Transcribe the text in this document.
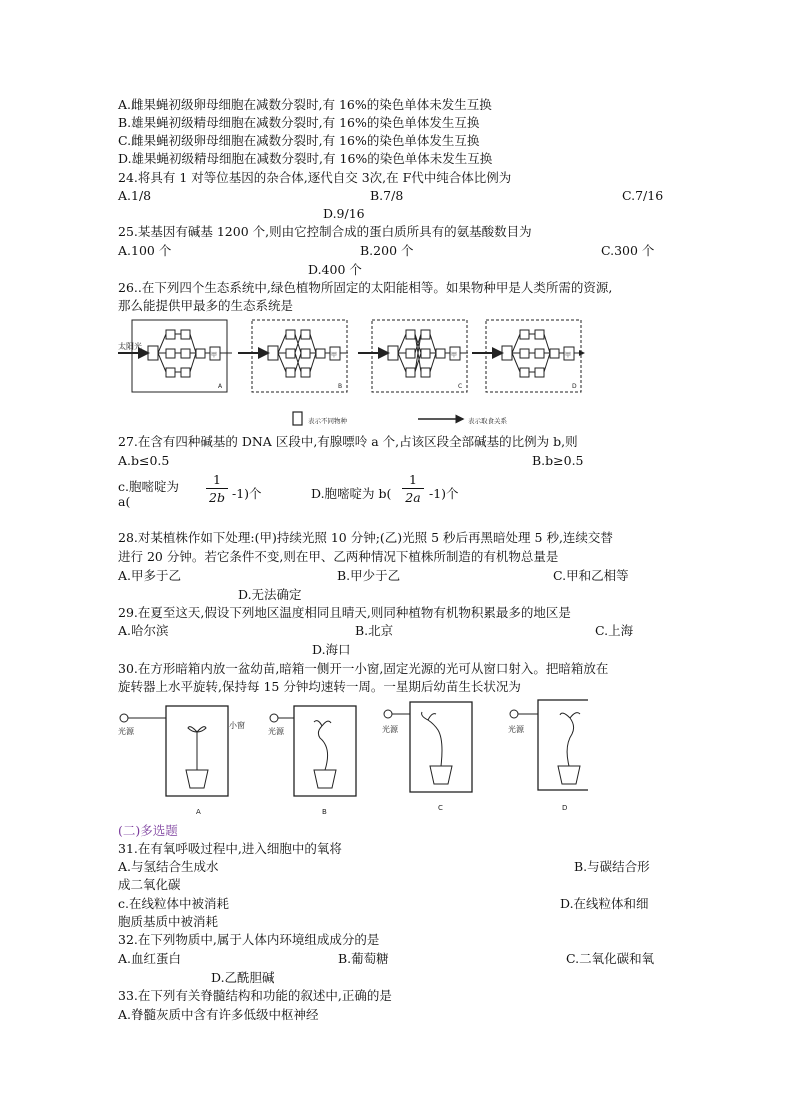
A.雌果蝇初级卵母细胞在减数分裂时,有 16%的染色单体未发生互换
B.雄果蝇初级精母细胞在减数分裂时,有 16%的染色单体发生互换
C.雌果蝇初级卵母细胞在减数分裂时,有 16%的染色单体发生互换
D.雄果蝇初级精母细胞在减数分裂时,有 16%的染色单体未发生互换
24.将具有 1 对等位基因的杂合体,逐代自交 3次,在 F代中纯合体比例为
A.1/8	B.7/8	C.7/16
D.9/16
25.某基因有碱基 1200 个,则由它控制合成的蛋白质所具有的氨基酸数目为
A.100 个	B.200 个	C.300 个
D.400 个
26..在下列四个生态系统中,绿色植物所固定的太阳能相等。如果物种甲是人类所需的资源,
那么能提供甲最多的生态系统是
太阳光
甲
A
甲
B
甲
C
甲
D
表示不同物种	表示取食关系
27.在含有四种碱基的 DNA 区段中,有腺嘌呤 a 个,占该区段全部碱基的比例为 b,则
A.b≤0.5	B.b≥0.5
c.胞嘧啶为
a(
1
2b -1)个	D.胞嘧啶为 b(
1
2a -1)个
28.对某植株作如下处理:(甲)持续光照 10 分钟;(乙)光照 5 秒后再黑暗处理 5 秒,连续交替
进行 20 分钟。若它条件不变,则在甲、乙两种情况下植株所制造的有机物总量是
A.甲多于乙	B.甲少于乙	C.甲和乙相等
D.无法确定
29.在夏至这天,假设下列地区温度相同且晴天,则同种植物有机物积累最多的地区是
A.哈尔滨	B.北京	C.上海
D.海口
30.在方形暗箱内放一盆幼苗,暗箱一侧开一小窗,固定光源的光可从窗口射入。把暗箱放在
旋转器上水平旋转,保持每 15 分钟均速转一周。一星期后幼苗生长状况为
光源
小窗
A
光源
B
光源
C
光源
D
(二)多选题
31.在有氧呼吸过程中,进入细胞中的氧将
A.与氢结合生成水	B.与碳结合形
成二氧化碳
c.在线粒体中被消耗	D.在线粒体和细
胞质基质中被消耗
32.在下列物质中,属于人体内环境组成成分的是
A.血红蛋白	B.葡萄糖	C.二氧化碳和氧
D.乙酰胆碱
33.在下列有关脊髓结构和功能的叙述中,正确的是
A.脊髓灰质中含有许多低级中枢神经
